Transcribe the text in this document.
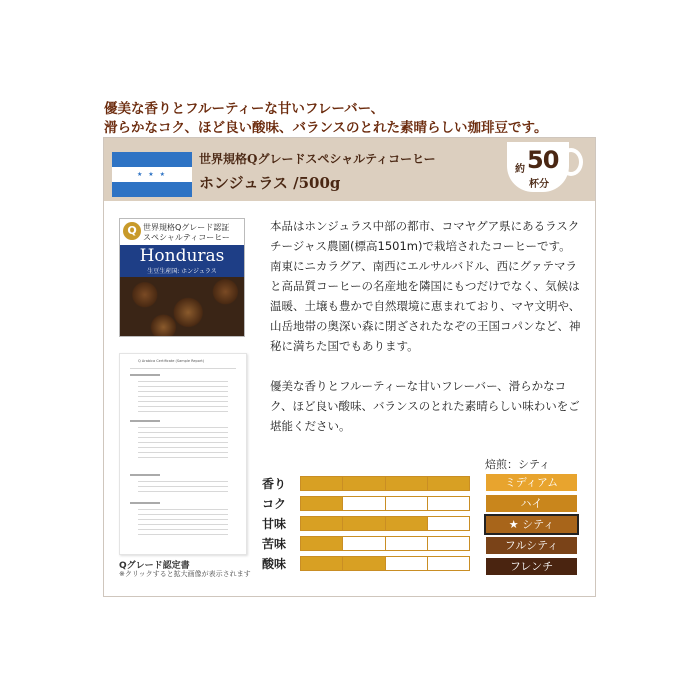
優美な香りとフルーティーな甘いフレーバー、
滑らかなコク、ほど良い酸味、バランスのとれた素晴らしい珈琲豆です。
★ ★ ★
世界規格Qグレードスペシャルティコーヒー
ホンジュラス /500g
約 50
杯分
Q 世界規格Qグレード認証
スペシャルティコーヒー
Honduras
生豆生産国: ホンジュラス
Q Arabica Certificate (Sample Report)
Qグレード認定書
※クリックすると拡大画像が表示されます

本品はホンジュラス中部の都市、コマヤグア県にあるラスクチージャス農園(標高1501m)で栽培されたコーヒーです。

南東にニカラグア、南西にエルサルバドル、西にグァテマラと高品質コーヒーの名産地を隣国にもつだけでなく、気候は温暖、土壌も豊かで自然環境に恵まれており、マヤ文明や、山岳地帯の奥深い森に閉ざされたなぞの王国コパンなど、神秘に満ちた国でもあります。

優美な香りとフルーティーな甘いフレーバー、滑らかなコク、ほど良い酸味、バランスのとれた素晴らしい味わいをご堪能ください。

焙煎：シティ
香り
コク
甘味
苦味
酸味
ミディアム
ハイ
★ シティ
フルシティ
フレンチ
